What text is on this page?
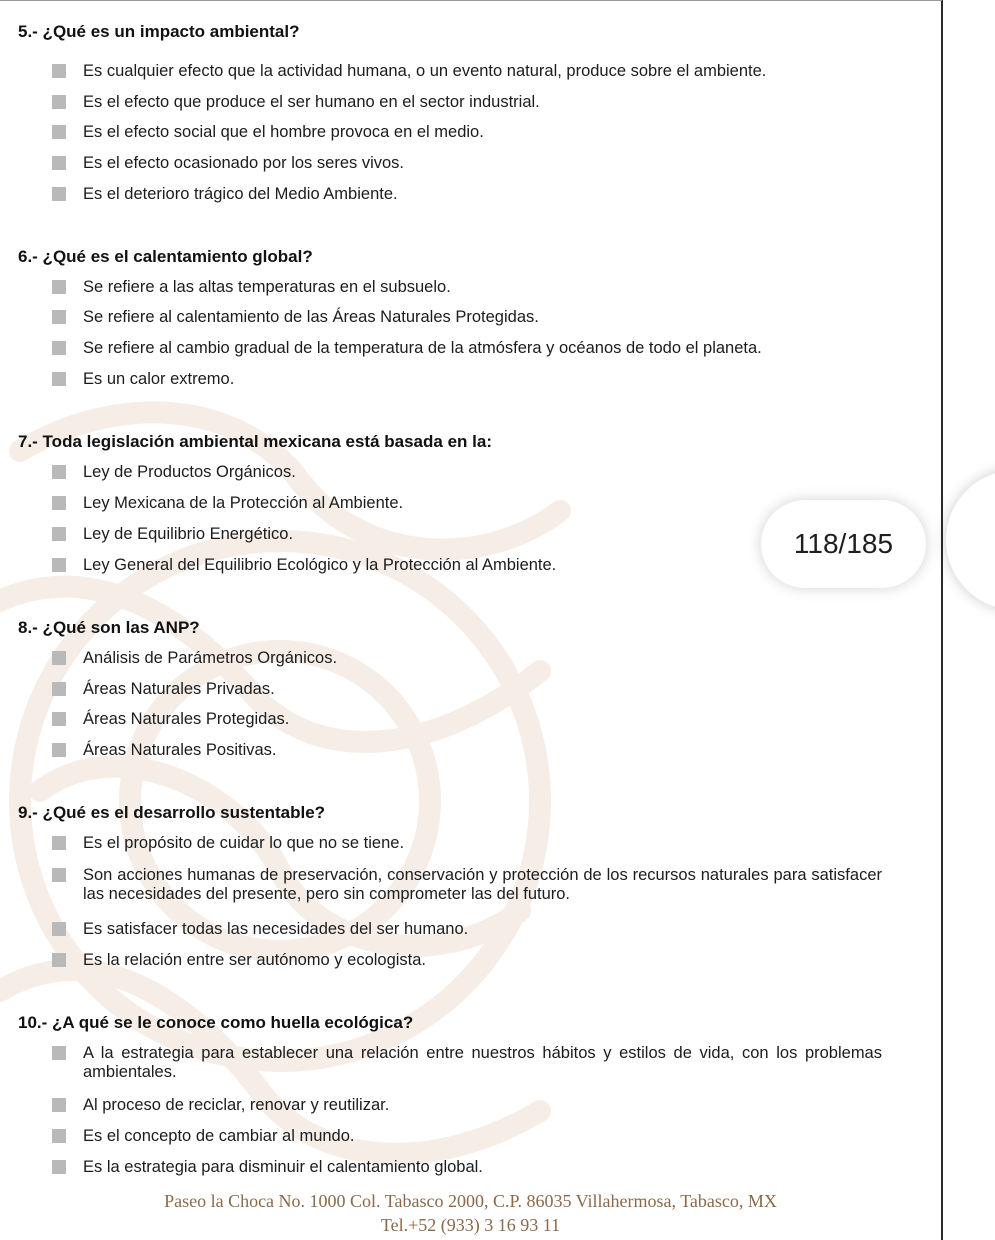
5.- ¿Qué es un impacto ambiental?
Es cualquier efecto que la actividad humana, o un evento natural, produce sobre el ambiente.
Es el efecto que produce el ser humano en el sector industrial.
Es el efecto social que el hombre provoca en el medio.
Es el efecto ocasionado por los seres vivos.
Es el deterioro trágico del Medio Ambiente.
6.- ¿Qué es el calentamiento global?
Se refiere a las altas temperaturas en el subsuelo.
Se refiere al calentamiento de las Áreas Naturales Protegidas.
Se refiere al cambio gradual de la temperatura de la atmósfera y océanos de todo el planeta.
Es un calor extremo.
7.- Toda legislación ambiental mexicana está basada en la:
Ley de Productos Orgánicos.
Ley Mexicana de la Protección al Ambiente.
Ley de Equilibrio Energético.
Ley General del Equilibrio Ecológico y la Protección al Ambiente.
8.- ¿Qué son las ANP?
Análisis de Parámetros Orgánicos.
Áreas Naturales Privadas.
Áreas Naturales Protegidas.
Áreas Naturales Positivas.
9.- ¿Qué es el desarrollo sustentable?
Es el propósito de cuidar lo que no se tiene.
Son acciones humanas de preservación, conservación y protección de los recursos naturales para satisfacer las necesidades del presente, pero sin comprometer las del futuro.
Es satisfacer todas las necesidades del ser humano.
Es la relación entre ser autónomo y ecologista.
10.- ¿A qué se le conoce como huella ecológica?
A la estrategia para establecer una relación entre nuestros hábitos y estilos de vida, con los problemas ambientales.
Al proceso de reciclar, renovar y reutilizar.
Es el concepto de cambiar al mundo.
Es la estrategia para disminuir el calentamiento global.
Paseo la Choca No. 1000 Col. Tabasco 2000, C.P. 86035 Villahermosa, Tabasco, MX
Tel.+52 (933) 3 16 93 11
118/185
